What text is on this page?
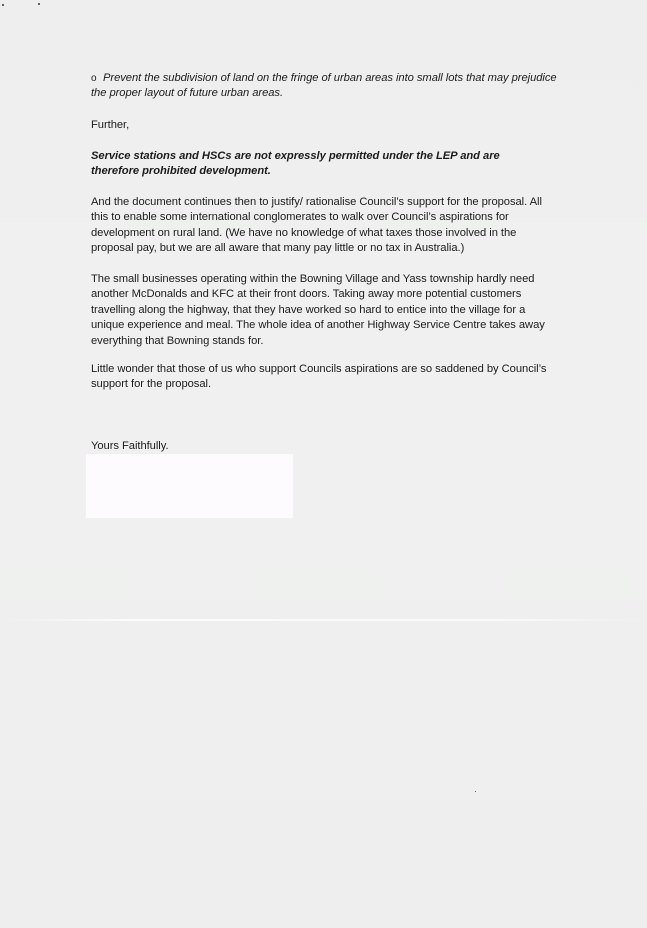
o Prevent the subdivision of land on the fringe of urban areas into small lots that may prejudice the proper layout of future urban areas.
Further,
Service stations and HSCs are not expressly permitted under the LEP and are therefore prohibited development.
And the document continues then to justify/ rationalise Council’s support for the proposal. All this to enable some international conglomerates to walk over Council’s aspirations for development on rural land. (We have no knowledge of what taxes those involved in the proposal pay, but we are all aware that many pay little or no tax in Australia.)
The small businesses operating within the Bowning Village and Yass township hardly need another McDonalds and KFC at their front doors. Taking away more potential customers travelling along the highway, that they have worked so hard to entice into the village for a unique experience and meal. The whole idea of another Highway Service Centre takes away everything that Bowning stands for.
Little wonder that those of us who support Councils aspirations are so saddened by Council’s support for the proposal.
Yours Faithfully.
